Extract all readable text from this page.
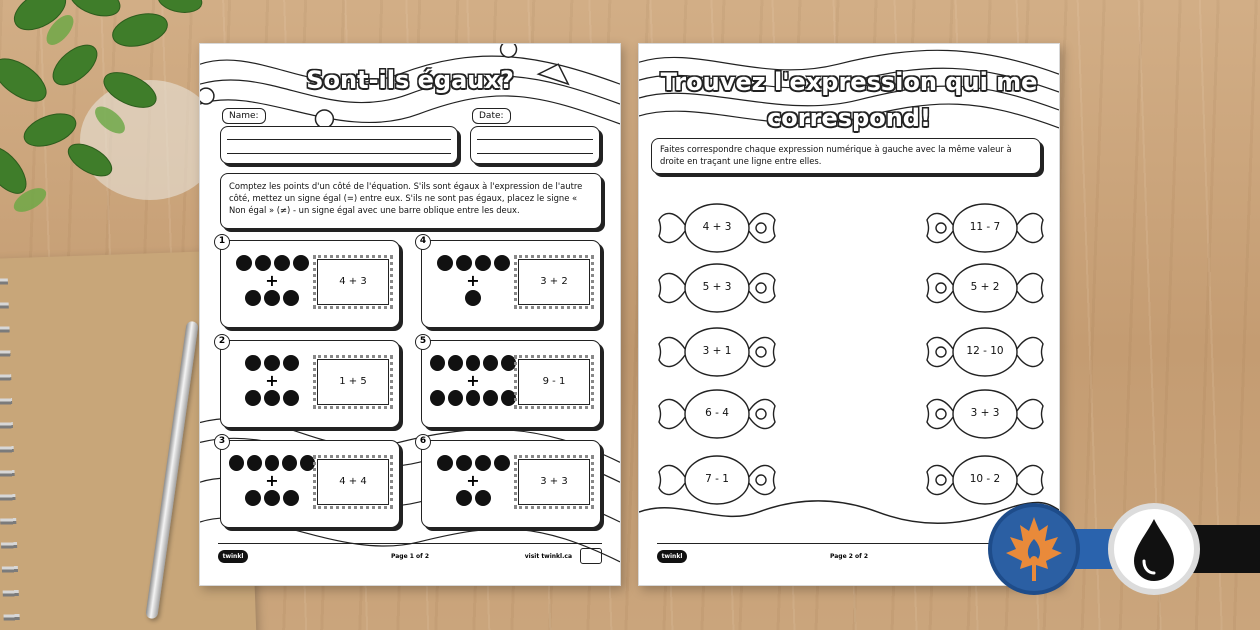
Sont-ils égaux?
Name:	Date:
Comptez les points d'un côté de l'équation. S'ils sont égaux à l'expression de l'autre côté, mettez un signe égal (=) entre eux. S'ils ne sont pas égaux, placez le signe « Non égal » (≠) - un signe égal avec une barre oblique entre les deux.
1
+	4 + 3
4
+	3 + 2
2
+	1 + 5
5
+	9 - 1
3
+	4 + 4
6
+	3 + 3
twinkl	Page 1 of 2	visit twinkl.ca
Trouvez l'expression qui me
correspond!
Faites correspondre chaque expression numérique à gauche avec la même valeur à droite en traçant une ligne entre elles.
4 + 3
5 + 3
3 + 1
6 - 4
7 - 1
11 - 7
5 + 2
12 - 10
3 + 3
10 - 2
twinkl	Page 2 of 2
